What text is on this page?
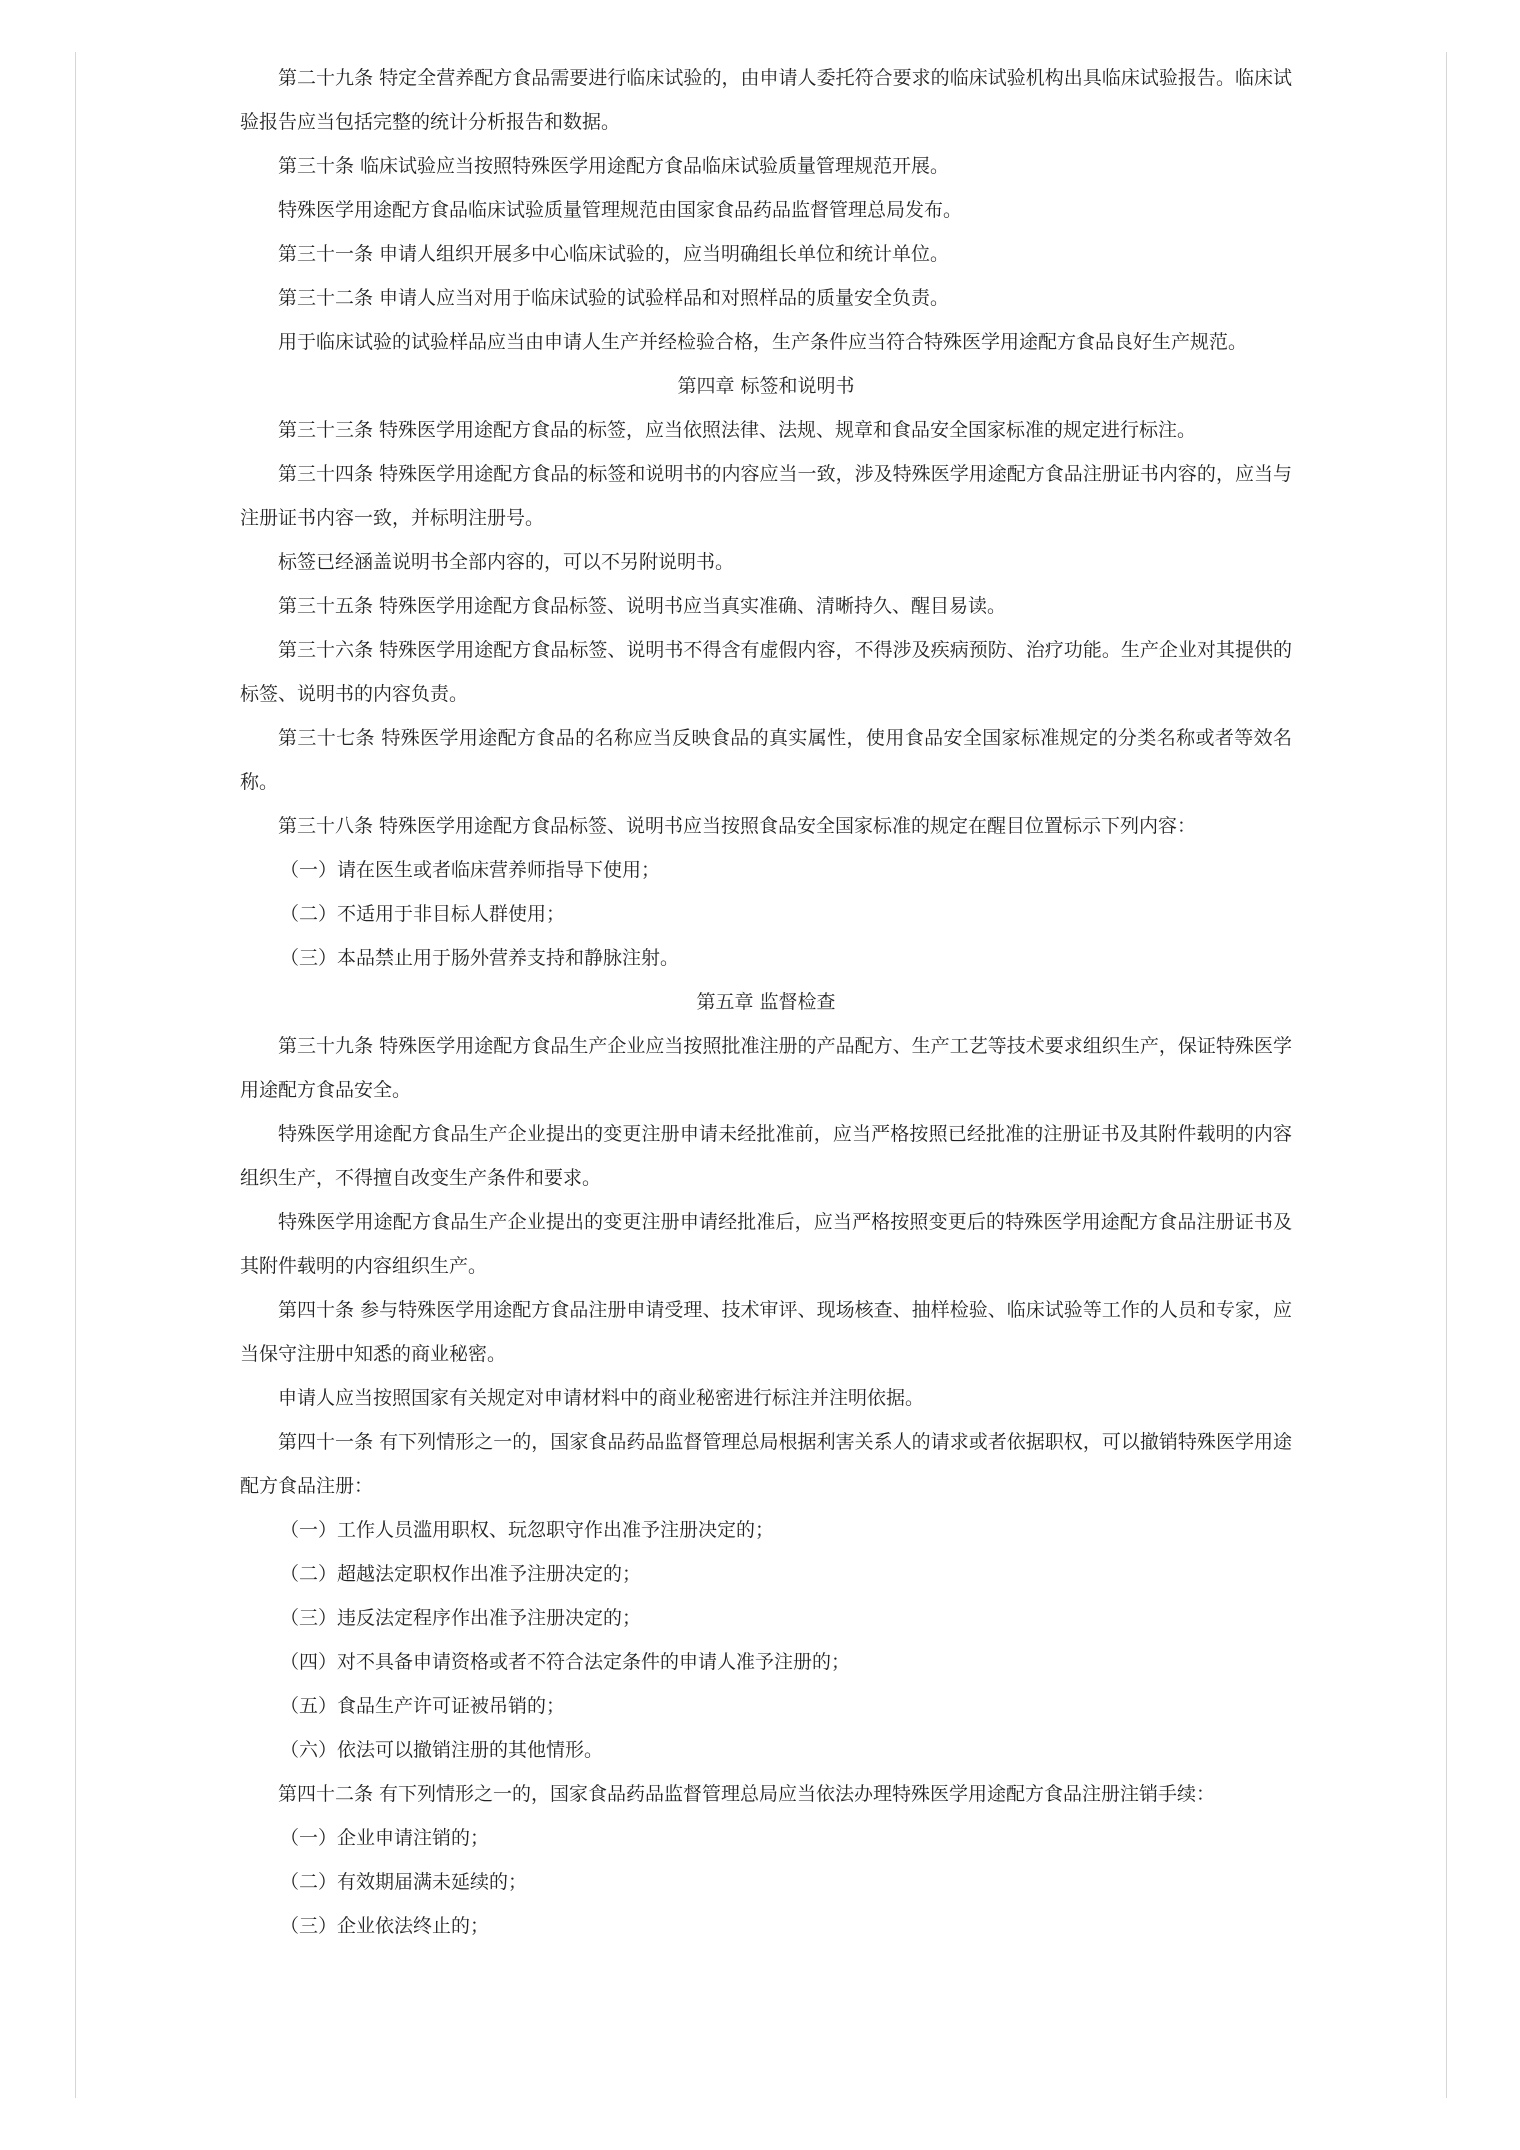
第二十九条 特定全营养配方食品需要进行临床试验的，由申请人委托符合要求的临床试验机构出具临床试验报告。临床试验报告应当包括完整的统计分析报告和数据。
第三十条 临床试验应当按照特殊医学用途配方食品临床试验质量管理规范开展。
特殊医学用途配方食品临床试验质量管理规范由国家食品药品监督管理总局发布。
第三十一条 申请人组织开展多中心临床试验的，应当明确组长单位和统计单位。
第三十二条 申请人应当对用于临床试验的试验样品和对照样品的质量安全负责。
用于临床试验的试验样品应当由申请人生产并经检验合格，生产条件应当符合特殊医学用途配方食品良好生产规范。
第四章 标签和说明书
第三十三条 特殊医学用途配方食品的标签，应当依照法律、法规、规章和食品安全国家标准的规定进行标注。
第三十四条 特殊医学用途配方食品的标签和说明书的内容应当一致，涉及特殊医学用途配方食品注册证书内容的，应当与注册证书内容一致，并标明注册号。
标签已经涵盖说明书全部内容的，可以不另附说明书。
第三十五条 特殊医学用途配方食品标签、说明书应当真实准确、清晰持久、醒目易读。
第三十六条 特殊医学用途配方食品标签、说明书不得含有虚假内容，不得涉及疾病预防、治疗功能。生产企业对其提供的标签、说明书的内容负责。
第三十七条 特殊医学用途配方食品的名称应当反映食品的真实属性，使用食品安全国家标准规定的分类名称或者等效名称。
第三十八条 特殊医学用途配方食品标签、说明书应当按照食品安全国家标准的规定在醒目位置标示下列内容：
（一）请在医生或者临床营养师指导下使用；
（二）不适用于非目标人群使用；
（三）本品禁止用于肠外营养支持和静脉注射。
第五章 监督检查
第三十九条 特殊医学用途配方食品生产企业应当按照批准注册的产品配方、生产工艺等技术要求组织生产，保证特殊医学用途配方食品安全。
特殊医学用途配方食品生产企业提出的变更注册申请未经批准前，应当严格按照已经批准的注册证书及其附件载明的内容组织生产，不得擅自改变生产条件和要求。
特殊医学用途配方食品生产企业提出的变更注册申请经批准后，应当严格按照变更后的特殊医学用途配方食品注册证书及其附件载明的内容组织生产。
第四十条 参与特殊医学用途配方食品注册申请受理、技术审评、现场核查、抽样检验、临床试验等工作的人员和专家，应当保守注册中知悉的商业秘密。
申请人应当按照国家有关规定对申请材料中的商业秘密进行标注并注明依据。
第四十一条 有下列情形之一的，国家食品药品监督管理总局根据利害关系人的请求或者依据职权，可以撤销特殊医学用途配方食品注册：
（一）工作人员滥用职权、玩忽职守作出准予注册决定的；
（二）超越法定职权作出准予注册决定的；
（三）违反法定程序作出准予注册决定的；
（四）对不具备申请资格或者不符合法定条件的申请人准予注册的；
（五）食品生产许可证被吊销的；
（六）依法可以撤销注册的其他情形。
第四十二条 有下列情形之一的，国家食品药品监督管理总局应当依法办理特殊医学用途配方食品注册注销手续：
（一）企业申请注销的；
（二）有效期届满未延续的；
（三）企业依法终止的；
